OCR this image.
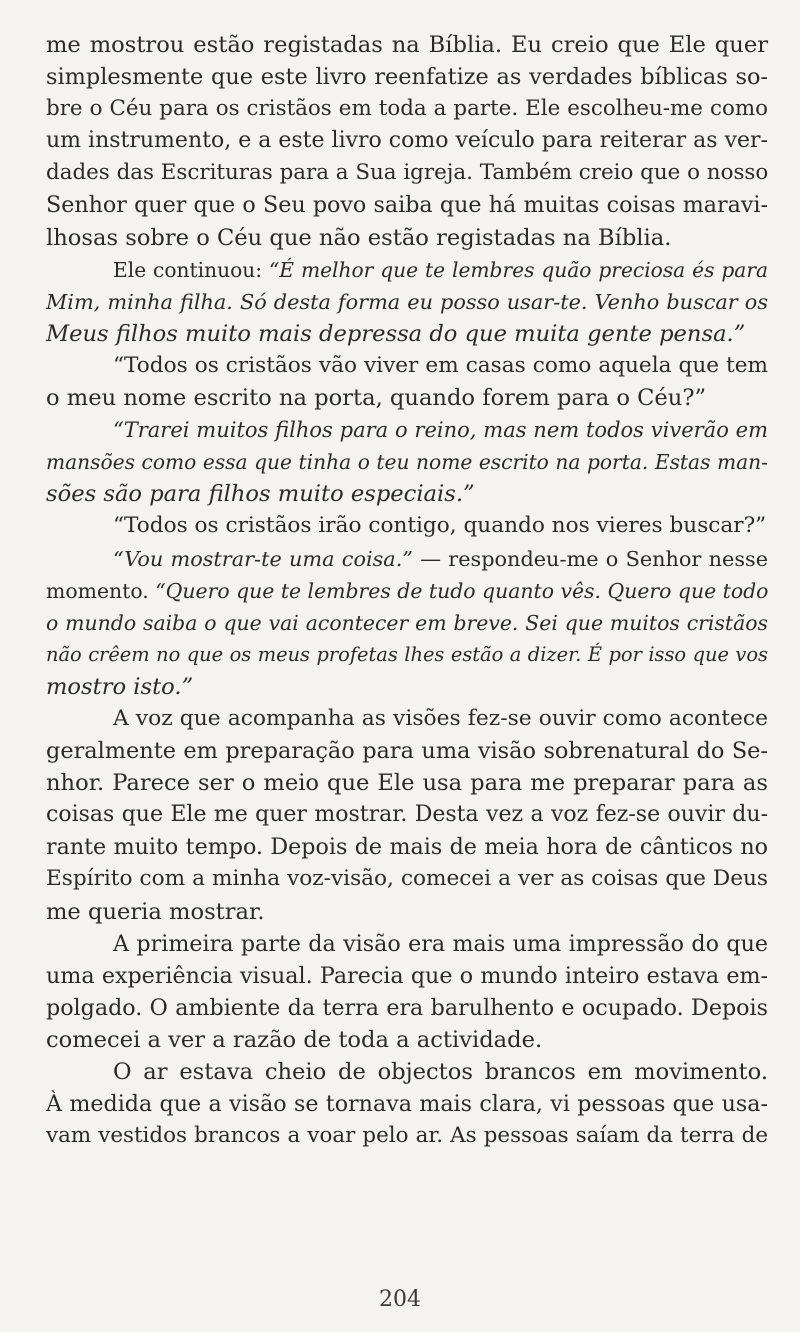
me mostrou estão registadas na Bíblia. Eu creio que Ele quer
simplesmente que este livro reenfatize as verdades bíblicas so-
bre o Céu para os cristãos em toda a parte. Ele escolheu-me como
um instrumento, e a este livro como veículo para reiterar as ver-
dades das Escrituras para a Sua igreja. Também creio que o nosso
Senhor quer que o Seu povo saiba que há muitas coisas maravi-
lhosas sobre o Céu que não estão registadas na Bíblia.
Ele continuou: “É melhor que te lembres quão preciosa és para
Mim, minha filha. Só desta forma eu posso usar-te. Venho buscar os
Meus filhos muito mais depressa do que muita gente pensa.”
“Todos os cristãos vão viver em casas como aquela que tem
o meu nome escrito na porta, quando forem para o Céu?”
“Trarei muitos filhos para o reino, mas nem todos viverão em
mansões como essa que tinha o teu nome escrito na porta. Estas man-
sões são para filhos muito especiais.”
“Todos os cristãos irão contigo, quando nos vieres buscar?”
“Vou mostrar-te uma coisa.” — respondeu-me o Senhor nesse
momento. “Quero que te lembres de tudo quanto vês. Quero que todo
o mundo saiba o que vai acontecer em breve. Sei que muitos cristãos
não crêem no que os meus profetas lhes estão a dizer. É por isso que vos
mostro isto.”
A voz que acompanha as visões fez-se ouvir como acontece
geralmente em preparação para uma visão sobrenatural do Se-
nhor. Parece ser o meio que Ele usa para me preparar para as
coisas que Ele me quer mostrar. Desta vez a voz fez-se ouvir du-
rante muito tempo. Depois de mais de meia hora de cânticos no
Espírito com a minha voz-visão, comecei a ver as coisas que Deus
me queria mostrar.
A primeira parte da visão era mais uma impressão do que
uma experiência visual. Parecia que o mundo inteiro estava em-
polgado. O ambiente da terra era barulhento e ocupado. Depois
comecei a ver a razão de toda a actividade.
O ar estava cheio de objectos brancos em movimento.
À medida que a visão se tornava mais clara, vi pessoas que usa-
vam vestidos brancos a voar pelo ar. As pessoas saíam da terra de
204
